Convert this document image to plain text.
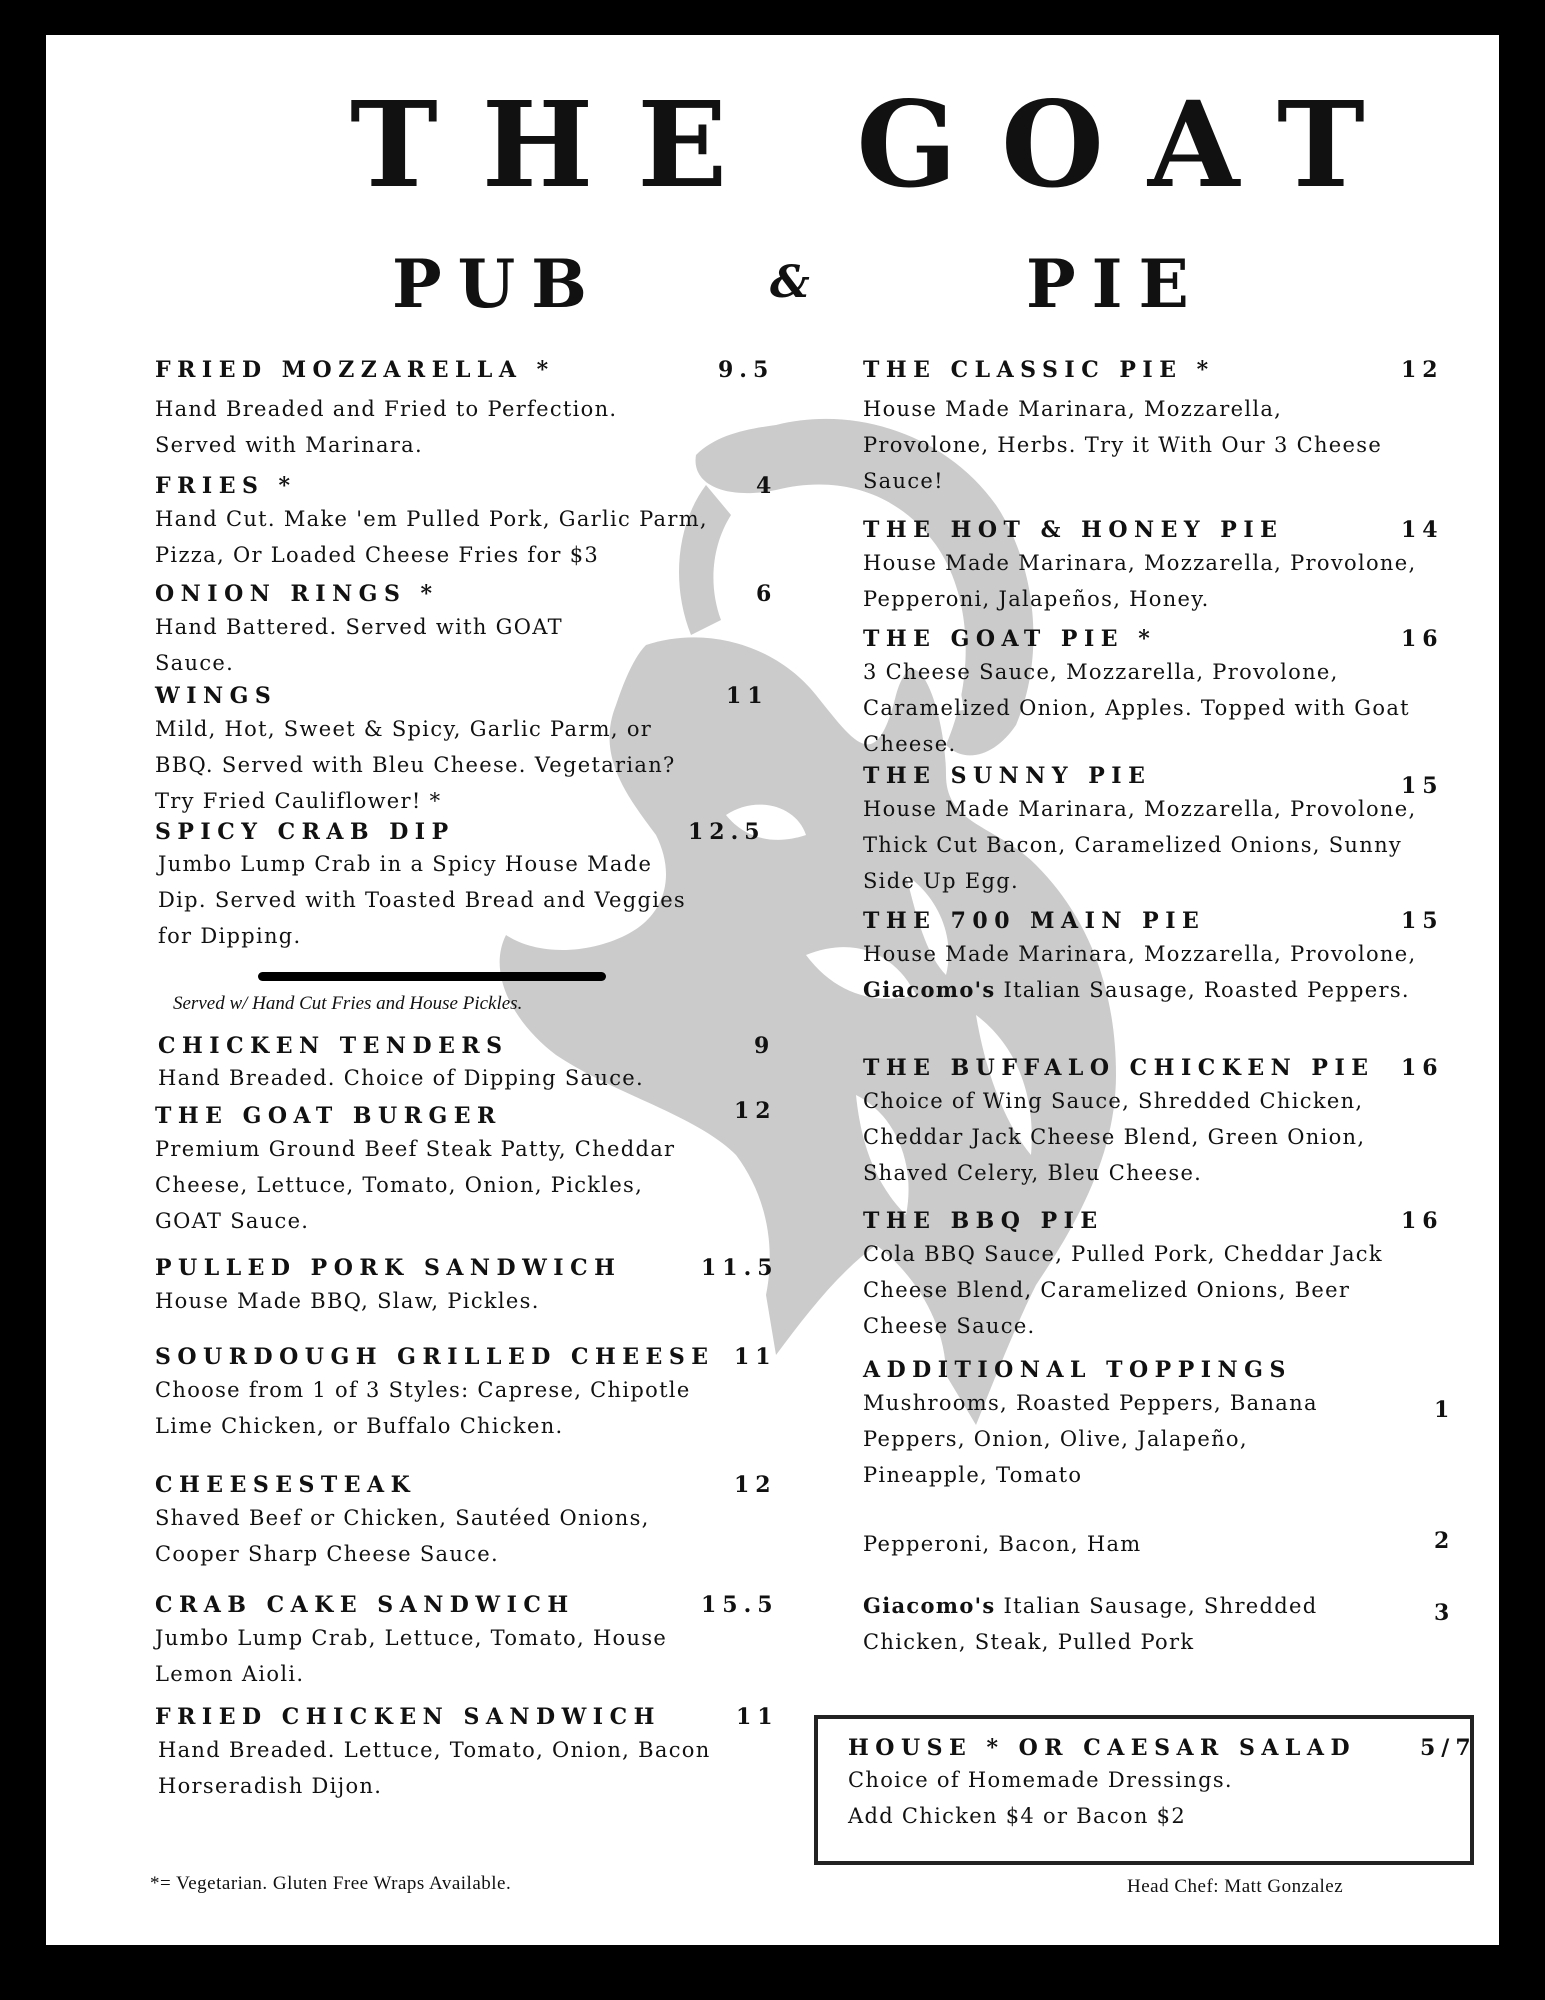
THE GOAT
PUB	&	PIE
FRIED MOZZARELLA *	9.5
Hand Breaded and Fried to Perfection. Served with Marinara.
FRIES *	4
Hand Cut. Make 'em Pulled Pork, Garlic Parm, Pizza, Or Loaded Cheese Fries for $3
ONION RINGS *	6
Hand Battered. Served with GOAT Sauce.
WINGS	11
Mild, Hot, Sweet & Spicy, Garlic Parm, or BBQ. Served with Bleu Cheese. Vegetarian? Try Fried Cauliflower! *
SPICY CRAB DIP	12.5
Jumbo Lump Crab in a Spicy House Made Dip. Served with Toasted Bread and Veggies for Dipping.
Served w/ Hand Cut Fries and House Pickles.
CHICKEN TENDERS	9
Hand Breaded. Choice of Dipping Sauce.
THE GOAT BURGER	12
Premium Ground Beef Steak Patty, Cheddar Cheese, Lettuce, Tomato, Onion, Pickles, GOAT Sauce.
PULLED PORK SANDWICH	11.5
House Made BBQ, Slaw, Pickles.
SOURDOUGH GRILLED CHEESE 11
Choose from 1 of 3 Styles: Caprese, Chipotle Lime Chicken, or Buffalo Chicken.
CHEESESTEAK	12
Shaved Beef or Chicken, Sautéed Onions, Cooper Sharp Cheese Sauce.
CRAB CAKE SANDWICH	15.5
Jumbo Lump Crab, Lettuce, Tomato, House Lemon Aioli.
FRIED CHICKEN SANDWICH	11
Hand Breaded. Lettuce, Tomato, Onion, Bacon Horseradish Dijon.
THE CLASSIC PIE *	12
House Made Marinara, Mozzarella, Provolone, Herbs. Try it With Our 3 Cheese Sauce!
THE HOT & HONEY PIE	14
House Made Marinara, Mozzarella, Provolone, Pepperoni, Jalapeños, Honey.
THE GOAT PIE *	16
3 Cheese Sauce, Mozzarella, Provolone, Caramelized Onion, Apples. Topped with Goat Cheese.
THE SUNNY PIE	15
House Made Marinara, Mozzarella, Provolone, Thick Cut Bacon, Caramelized Onions, Sunny Side Up Egg.
THE 700 MAIN PIE	15
House Made Marinara, Mozzarella, Provolone, Giacomo's Italian Sausage, Roasted Peppers.
THE BUFFALO CHICKEN PIE 16
Choice of Wing Sauce, Shredded Chicken, Cheddar Jack Cheese Blend, Green Onion, Shaved Celery, Bleu Cheese.
THE BBQ PIE	16
Cola BBQ Sauce, Pulled Pork, Cheddar Jack Cheese Blend, Caramelized Onions, Beer Cheese Sauce.
ADDITIONAL TOPPINGS
Mushrooms, Roasted Peppers, Banana Peppers, Onion, Olive, Jalapeño, Pineapple, Tomato
1
Pepperoni, Bacon, Ham	2
Giacomo's Italian Sausage, Shredded Chicken, Steak, Pulled Pork
3
HOUSE * OR CAESAR SALAD	5/7
Choice of Homemade Dressings.
Add Chicken $4 or Bacon $2
*= Vegetarian. Gluten Free Wraps Available.	Head Chef: Matt Gonzalez
